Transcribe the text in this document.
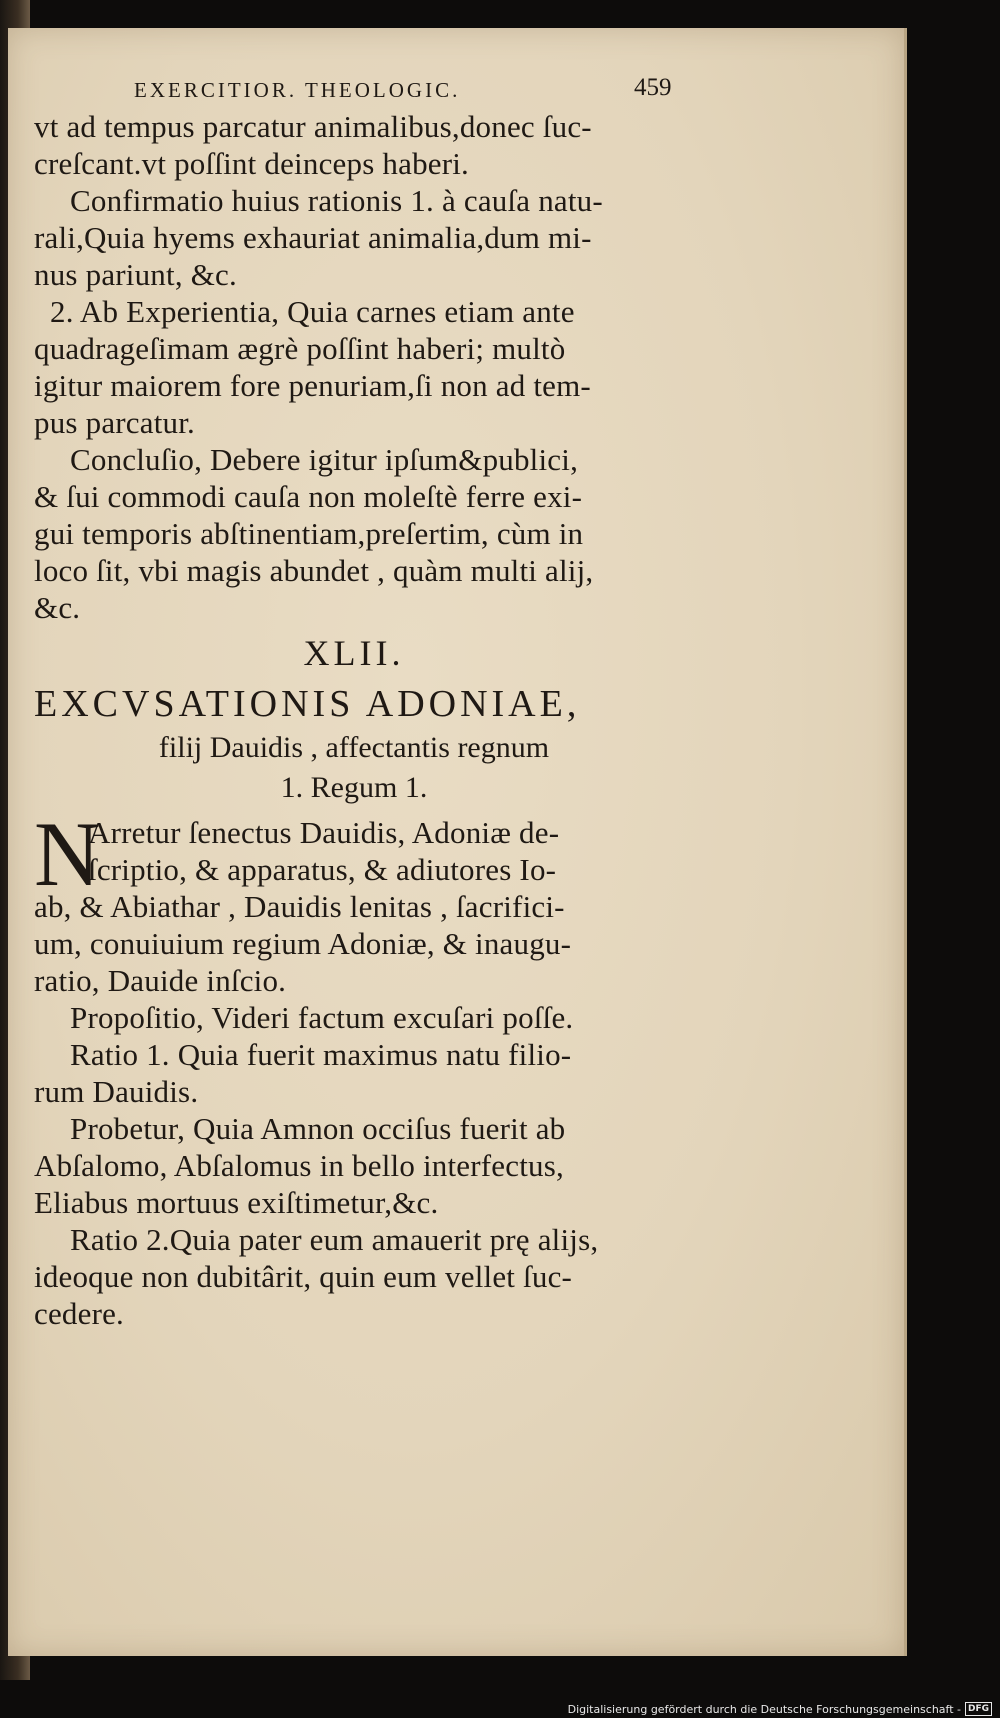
EXERCITIOR. THEOLOGIC.	459
vt ad tempus parcatur animalibus,donec ſuc-
creſcant.vt poſſint deinceps haberi.
Confirmatio huius rationis 1. à cauſa natu-
rali,Quia hyems exhauriat animalia,dum mi-
nus pariunt, &c.
2. Ab Experientia, Quia carnes etiam ante
quadrageſimam ægrè poſſint haberi; multò
igitur maiorem fore penuriam,ſi non ad tem-
pus parcatur.
Concluſio, Debere igitur ipſum&publici,
& ſui commodi cauſa non moleſtè ferre exi-
gui temporis abſtinentiam,preſertim, cùm in
loco ſit, vbi magis abundet , quàm multi alij,
&c.
XLII.
EXCVSATIONIS ADONIAE,
filij Dauidis , affectantis regnum
1. Regum 1.
N
Arretur ſenectus Dauidis, Adoniæ de-
ſcriptio, & apparatus, & adiutores Io-
ab, & Abiathar , Dauidis lenitas , ſacrifici-
um, conuiuium regium Adoniæ, & inaugu-
ratio, Dauide inſcio.
Propoſitio, Videri factum excuſari poſſe.
Ratio 1. Quia fuerit maximus natu filio-
rum Dauidis.
Probetur, Quia Amnon occiſus fuerit ab
Abſalomo, Abſalomus in bello interfectus,
Eliabus mortuus exiſtimetur,&c.
Ratio 2.Quia pater eum amauerit prę alijs,
ideoque non dubitârit, quin eum vellet ſuc-
cedere.
Digitalisierung gefördert durch die Deutsche Forschungsgemeinschaft - DFG
